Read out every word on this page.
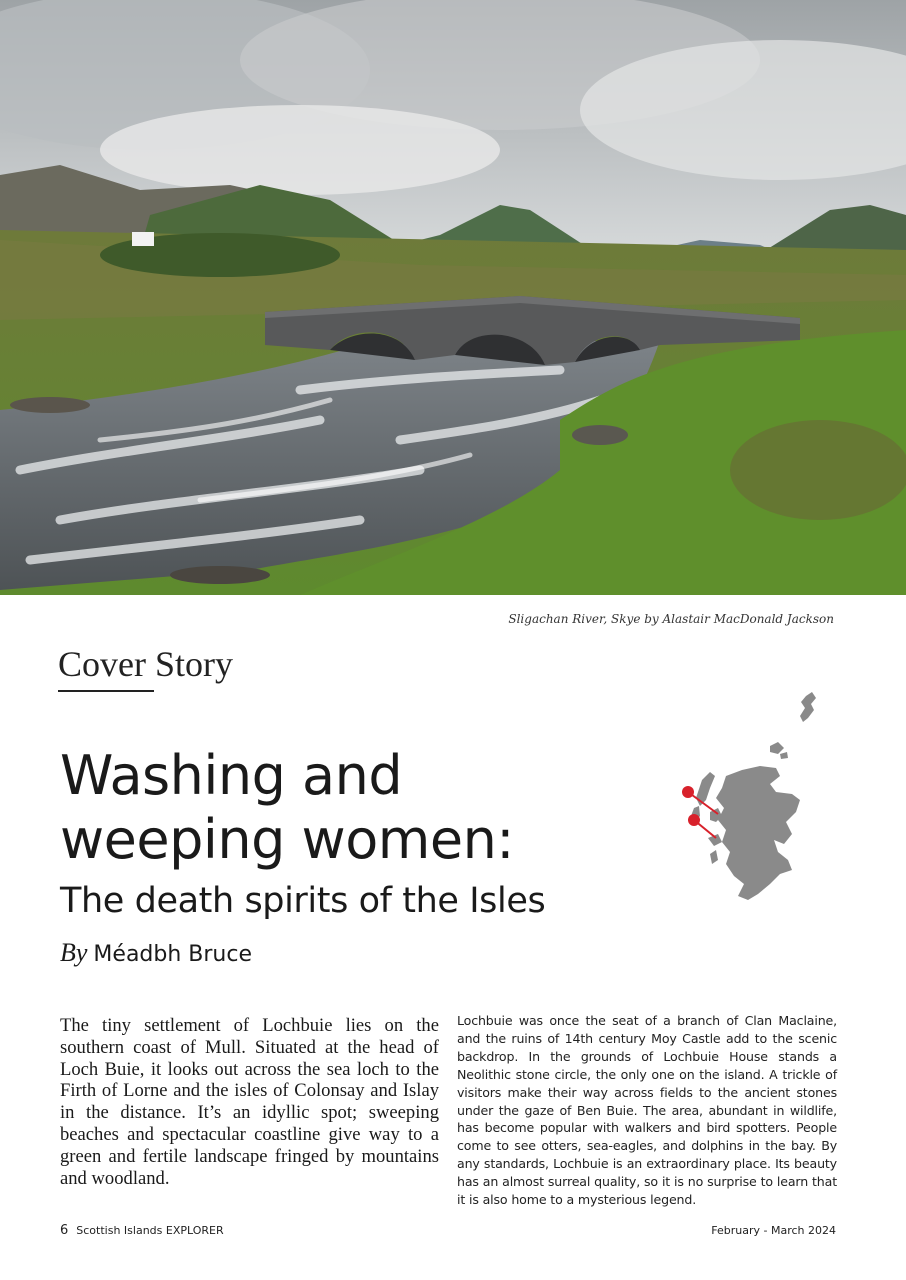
Sligachan River, Skye by Alastair MacDonald Jackson
Cover Story
Washing and weeping women:
The death spirits of the Isles
By Méadbh Bruce

The tiny settlement of Lochbuie lies on the southern coast of Mull. Situated at the head of Loch Buie, it looks out across the sea loch to the Firth of Lorne and the isles of Colonsay and Islay in the distance. It’s an idyllic spot; sweeping beaches and spectacular coastline give way to a green and fertile landscape fringed by mountains and woodland.

Lochbuie was once the seat of a branch of Clan Maclaine, and the ruins of 14th century Moy Castle add to the scenic backdrop. In the grounds of Lochbuie House stands a Neolithic stone circle, the only one on the island. A trickle of visitors make their way across fields to the ancient stones under the gaze of Ben Buie. The area, abundant in wildlife, has become popular with walkers and bird spotters. People come to see otters, sea-eagles, and dolphins in the bay. By any standards, Lochbuie is an extraordinary place. Its beauty has an almost surreal quality, so it is no surprise to learn that it is also home to a mysterious legend.

6 Scottish Islands EXPLORER	February - March 2024
